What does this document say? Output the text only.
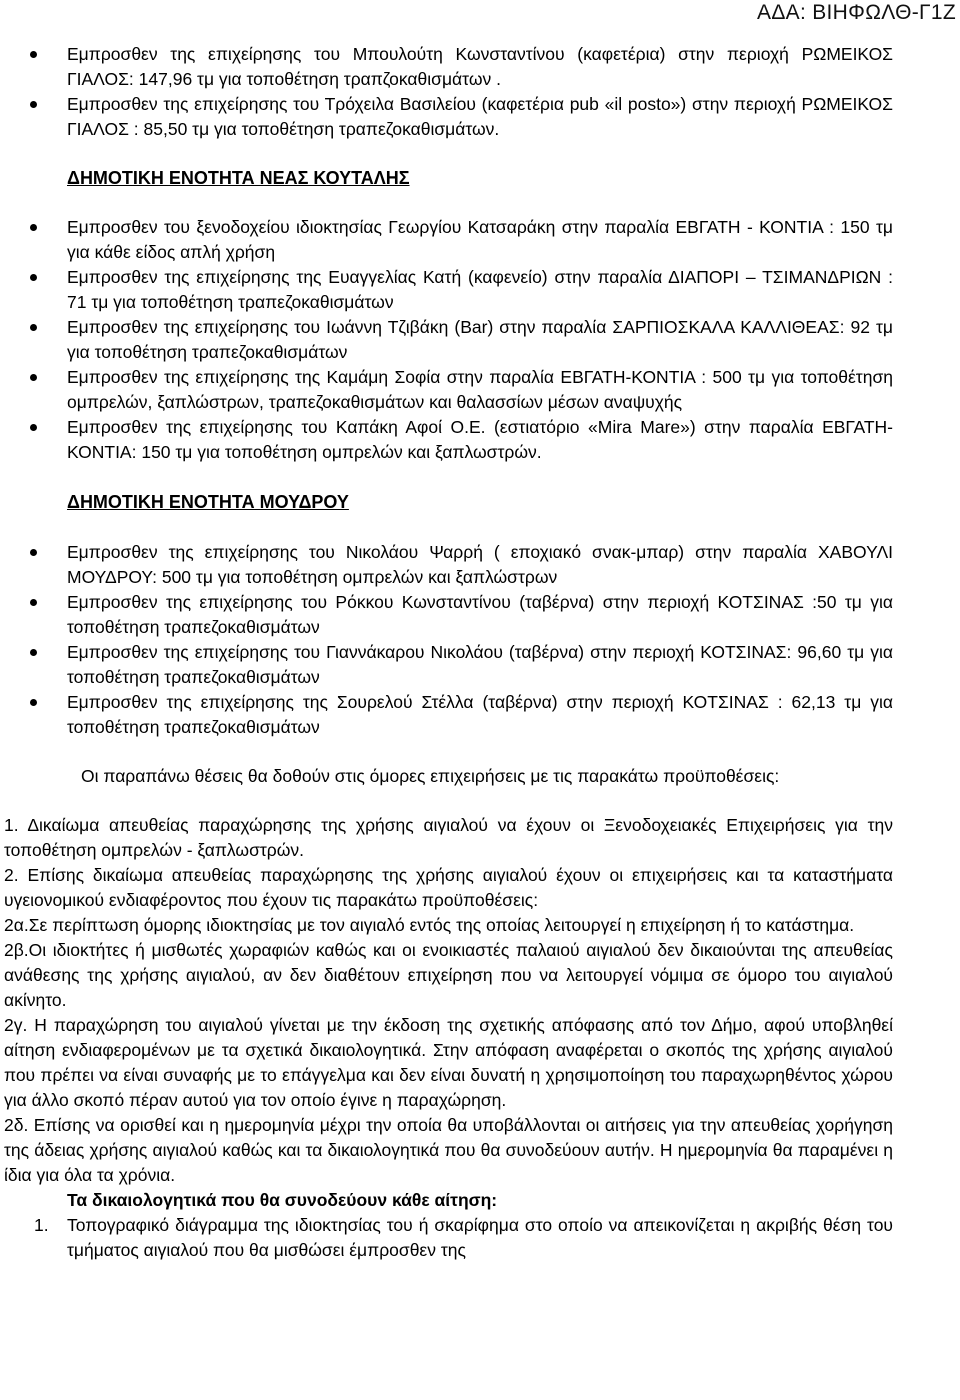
ΑΔΑ: ΒΙΗΦΩΛΘ-Γ1Ζ
Εμπροσθεν της επιχείρησης του Μπουλούτη Κωνσταντίνου (καφετέρια) στην περιοχή ΡΩΜΕΙΚΟΣ ΓΙΑΛΟΣ: 147,96 τμ για τοποθέτηση τραπζοκαθισμάτων .
Εμπροσθεν της επιχείρησης του Τρόχειλα Βασιλείου (καφετέρια pub «il posto») στην περιοχή ΡΩΜΕΙΚΟΣ ΓΙΑΛΟΣ : 85,50 τμ για τοποθέτηση τραπεζοκαθισμάτων.

ΔΗΜΟΤΙΚΗ ΕΝΟΤΗΤΑ ΝΕΑΣ ΚΟΥΤΑΛΗΣ

Εμπροσθεν του ξενοδοχείου ιδιοκτησίας Γεωργίου Κατσαράκη στην παραλία ΕΒΓΑΤΗ - ΚΟΝΤΙΑ : 150 τμ για κάθε είδος απλή χρήση
Εμπροσθεν της επιχείρησης της Ευαγγελίας Κατή (καφενείο) στην παραλία ΔΙΑΠΟΡΙ – ΤΣΙΜΑΝΔΡΙΩΝ : 71 τμ για τοποθέτηση τραπεζοκαθισμάτων
Εμπροσθεν της επιχείρησης του Ιωάννη Τζιβάκη (Bar) στην παραλία ΣΑΡΠΙΟΣΚΑΛΑ ΚΑΛΛΙΘΕΑΣ: 92 τμ για τοποθέτηση τραπεζοκαθισμάτων
Εμπροσθεν της επιχείρησης της Καμάμη Σοφία στην παραλία ΕΒΓΑΤΗ-ΚΟΝΤΙΑ : 500 τμ για τοποθέτηση ομπρελών, ξαπλώστρων, τραπεζοκαθισμάτων και θαλασσίων μέσων αναψυχής
Εμπροσθεν της επιχείρησης του Καπάκη Αφοί Ο.Ε. (εστιατόριο «Mira Mare») στην παραλία ΕΒΓΑΤΗ-ΚΟΝΤΙΑ: 150 τμ για τοποθέτηση ομπρελών και ξαπλωστρών.

ΔΗΜΟΤΙΚΗ ΕΝΟΤΗΤΑ ΜΟΥΔΡΟΥ

Εμπροσθεν της επιχείρησης του Νικολάου Ψαρρή ( εποχιακό σνακ-μπαρ) στην παραλία ΧΑΒΟΥΛΙ ΜΟΥΔΡΟΥ: 500 τμ για τοποθέτηση ομπρελών και ξαπλώστρων
Εμπροσθεν της επιχείρησης του Ρόκκου Κωνσταντίνου (ταβέρνα) στην περιοχή ΚΟΤΣΙΝΑΣ :50 τμ για τοποθέτηση τραπεζοκαθισμάτων
Εμπροσθεν της επιχείρησης του Γιαννάκαρου Νικολάου (ταβέρνα) στην περιοχή ΚΟΤΣΙΝΑΣ: 96,60 τμ για τοποθέτηση τραπεζοκαθισμάτων
Εμπροσθεν της επιχείρησης της Σουρελού Στέλλα (ταβέρνα) στην περιοχή ΚΟΤΣΙΝΑΣ : 62,13 τμ για τοποθέτηση τραπεζοκαθισμάτων

Οι παραπάνω θέσεις θα δοθούν στις όμορες επιχειρήσεις με τις παρακάτω προϋποθέσεις:

1. Δικαίωμα απευθείας παραχώρησης της χρήσης αιγιαλού να έχουν οι Ξενοδοχειακές Επιχειρήσεις για την τοποθέτηση ομπρελών - ξαπλωστρών.

2. Επίσης δικαίωμα απευθείας παραχώρησης της χρήσης αιγιαλού έχουν οι επιχειρήσεις και τα καταστήματα υγειονομικού ενδιαφέροντος που έχουν τις παρακάτω προϋποθέσεις:

2α.Σε περίπτωση όμορης ιδιοκτησίας με τον αιγιαλό εντός της οποίας λειτουργεί η επιχείρηση ή το κατάστημα.

2β.Οι ιδιοκτήτες ή μισθωτές χωραφιών καθώς και οι ενοικιαστές παλαιού αιγιαλού δεν δικαιούνται της απευθείας ανάθεσης της χρήσης αιγιαλού, αν δεν διαθέτουν επιχείρηση που να λειτουργεί νόμιμα σε όμορο του αιγιαλού ακίνητο.

2γ. Η παραχώρηση του αιγιαλού γίνεται με την έκδοση της σχετικής απόφασης από τον Δήμο, αφού υποβληθεί αίτηση ενδιαφερομένων με τα σχετικά δικαιολογητικά. Στην απόφαση αναφέρεται ο σκοπός της χρήσης αιγιαλού που πρέπει να είναι συναφής με το επάγγελμα και δεν είναι δυνατή η χρησιμοποίηση του παραχωρηθέντος χώρου για άλλο σκοπό πέραν αυτού για τον οποίο έγινε η παραχώρηση.

2δ. Επίσης να ορισθεί και η ημερομηνία μέχρι την οποία θα υποβάλλονται οι αιτήσεις για την απευθείας χορήγηση της άδειας χρήσης αιγιαλού καθώς και τα δικαιολογητικά που θα συνοδεύουν αυτήν. Η ημερομηνία θα παραμένει η ίδια για όλα τα χρόνια.

Τα δικαιολογητικά που θα συνοδεύουν κάθε αίτηση:

1. Τοπογραφικό διάγραμμα της ιδιοκτησίας του ή σκαρίφημα στο οποίο να απεικονίζεται η ακριβής θέση του τμήματος αιγιαλού που θα μισθώσει έμπροσθεν της
